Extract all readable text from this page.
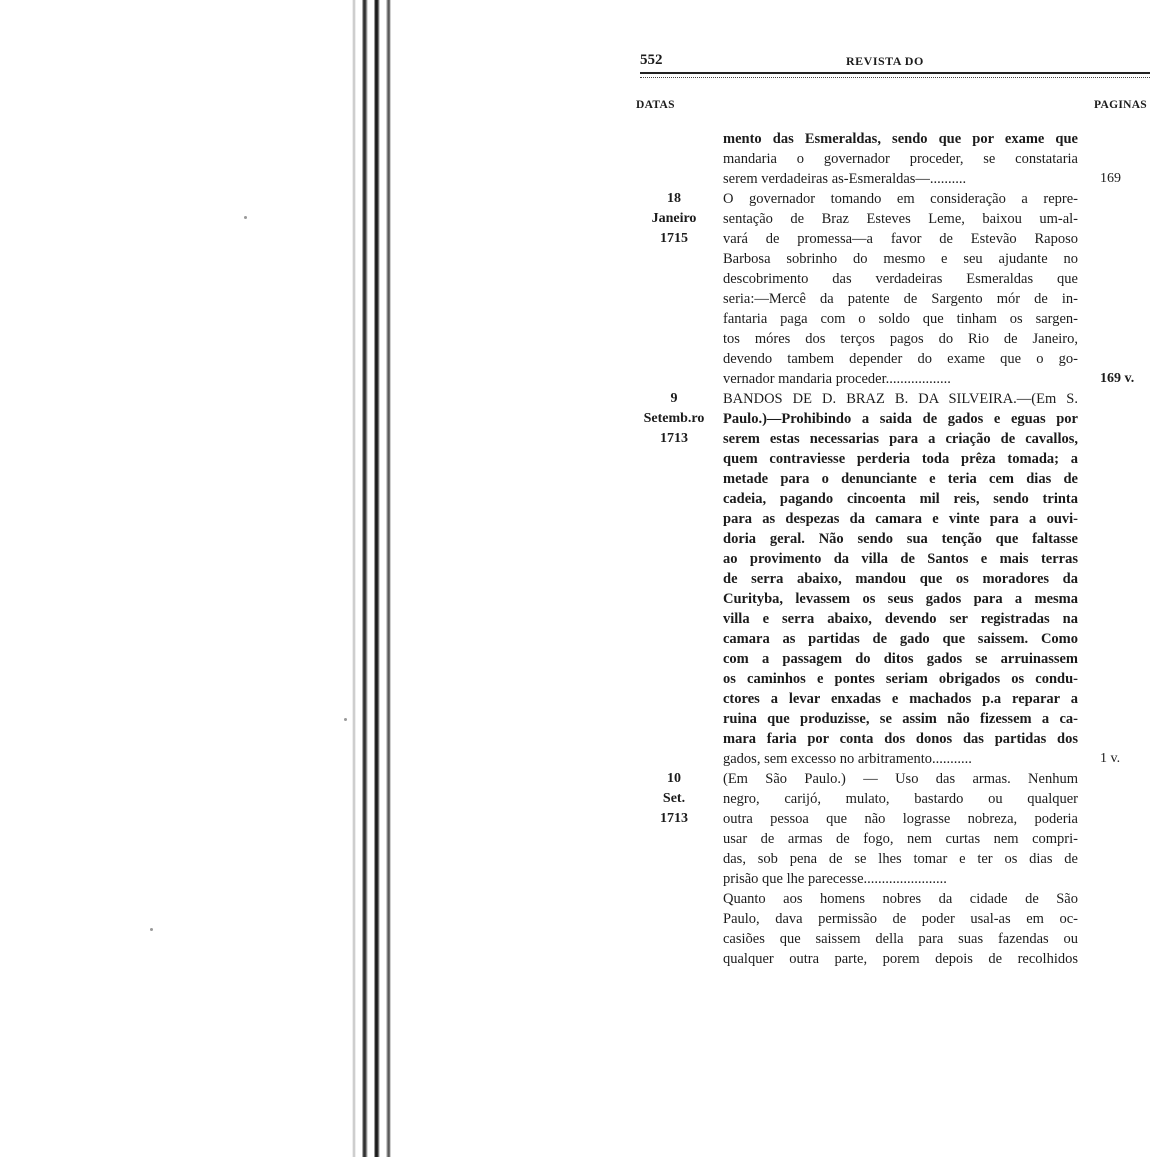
552	REVISTA DO
DATAS	PAGINAS
mento das Esmeraldas, sendo que por exame que
mandaria o governador proceder, se constataria
serem verdadeiras as-Esmeraldas—..........	169
18	O governador tomando em consideração a repre-
Janeiro	sentação de Braz Esteves Leme, baixou um-al-
1715	vará de promessa—a favor de Estevão Raposo
Barbosa sobrinho do mesmo e seu ajudante no
descobrimento das verdadeiras Esmeraldas que
seria:—Mercê da patente de Sargento mór de in-
fantaria paga com o soldo que tinham os sargen-
tos móres dos terços pagos do Rio de Janeiro,
devendo tambem depender do exame que o go-
vernador mandaria proceder..................	169 v.
9	BANDOS DE D. BRAZ B. DA SILVEIRA.—(Em S.
Setemb.ro	Paulo.)—Prohibindo a saida de gados e eguas por
1713	serem estas necessarias para a criação de cavallos,
quem contraviesse perderia toda prêza tomada; a
metade para o denunciante e teria cem dias de
cadeia, pagando cincoenta mil reis, sendo trinta
para as despezas da camara e vinte para a ouvi-
doria geral. Não sendo sua tenção que faltasse
ao provimento da villa de Santos e mais terras
de serra abaixo, mandou que os moradores da
Curityba, levassem os seus gados para a mesma
villa e serra abaixo, devendo ser registradas na
camara as partidas de gado que saissem. Como
com a passagem do ditos gados se arruinassem
os caminhos e pontes seriam obrigados os condu-
ctores a levar enxadas e machados p.a reparar a
ruina que produzisse, se assim não fizessem a ca-
mara faria por conta dos donos das partidas dos
gados, sem excesso no arbitramento...........	1 v.
10	(Em São Paulo.) — Uso das armas. Nenhum
Set.	negro, carijó, mulato, bastardo ou qualquer
1713	outra pessoa que não lograsse nobreza, poderia
usar de armas de fogo, nem curtas nem compri-
das, sob pena de se lhes tomar e ter os dias de
prisão que lhe parecesse.......................
Quanto aos homens nobres da cidade de São
Paulo, dava permissão de poder usal-as em oc-
casiões que saissem della para suas fazendas ou
qualquer outra parte, porem depois de recolhidos
